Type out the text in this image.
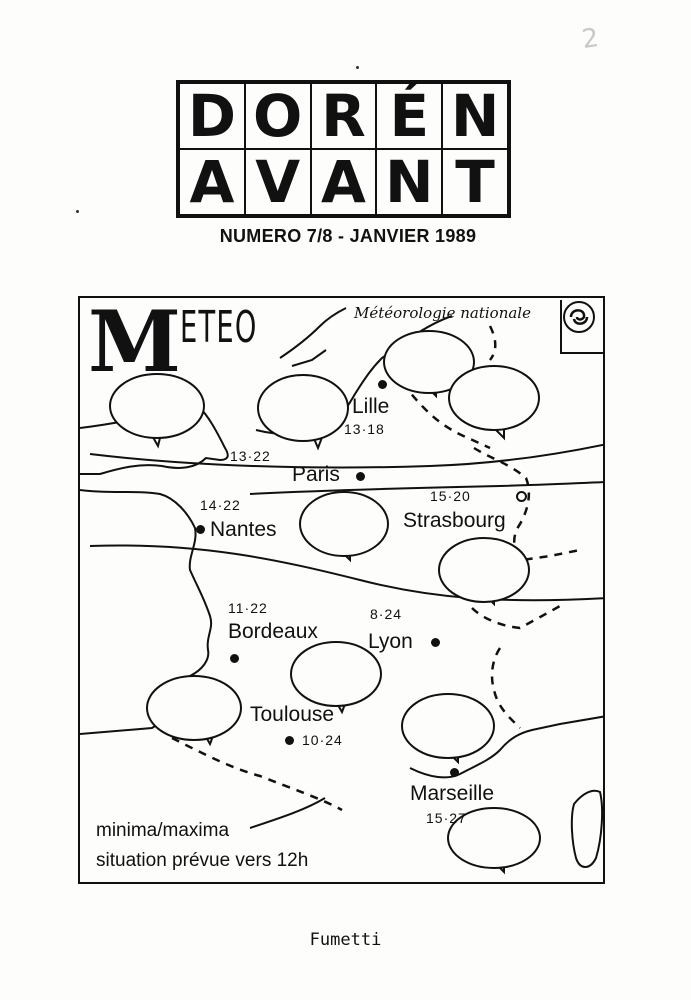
2
D O R É N
A V A N T
NUMERO 7/8 - JANVIER 1989
M ETEO	Météorologie nationale
Lille
13·18
13·22
Paris
15·20
Strasbourg
14·22
Nantes
11·22
Bordeaux
8·24
Lyon
Toulouse
10·24
Marseille
15·27
minima/maxima
situation prévue vers 12h
Fumetti
